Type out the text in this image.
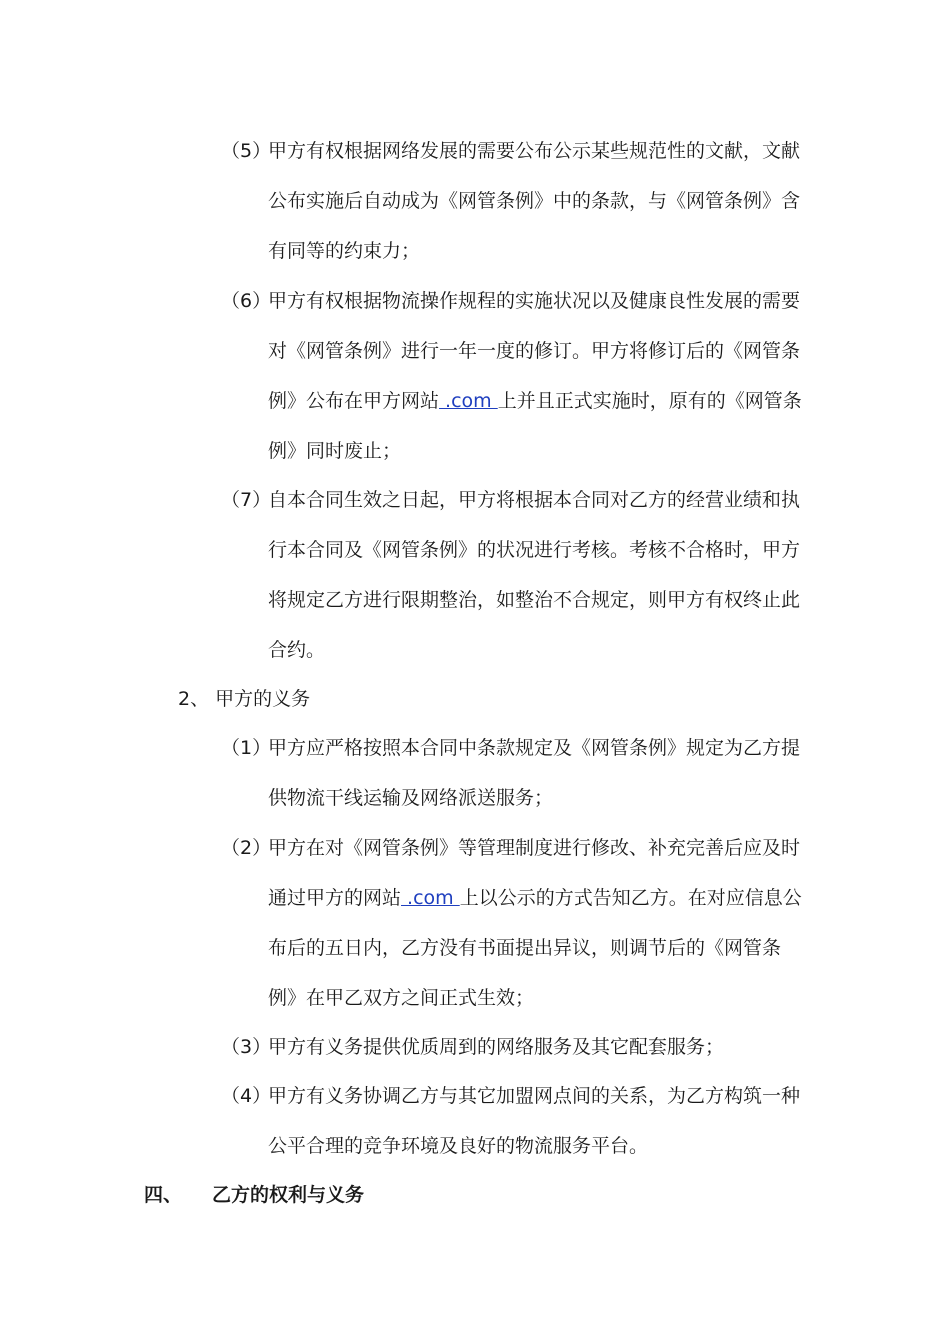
（5）
甲方有权根据网络发展的需要公布公示某些规范性的文献，文献
公布实施后自动成为《网管条例》中的条款，与《网管条例》含
有同等的约束力；
（6）
甲方有权根据物流操作规程的实施状况以及健康良性发展的需要
对《网管条例》进行一年一度的修订。甲方将修订后的《网管条
例》公布在甲方网站 .com 上并且正式实施时，原有的《网管条
例》同时废止；
（7）
自本合同生效之日起，甲方将根据本合同对乙方的经营业绩和执
行本合同及《网管条例》的状况进行考核。考核不合格时，甲方
将规定乙方进行限期整治，如整治不合规定，则甲方有权终止此
合约。
2、 甲方的义务
（1）
甲方应严格按照本合同中条款规定及《网管条例》规定为乙方提
供物流干线运输及网络派送服务；
（2）
甲方在对《网管条例》等管理制度进行修改、补充完善后应及时
通过甲方的网站 .com 上以公示的方式告知乙方。在对应信息公
布后的五日内，乙方没有书面提出异议，则调节后的《网管条
例》在甲乙双方之间正式生效；
（3）
甲方有义务提供优质周到的网络服务及其它配套服务；
（4）
甲方有义务协调乙方与其它加盟网点间的关系，为乙方构筑一种
公平合理的竞争环境及良好的物流服务平台。
四、 乙方的权利与义务
